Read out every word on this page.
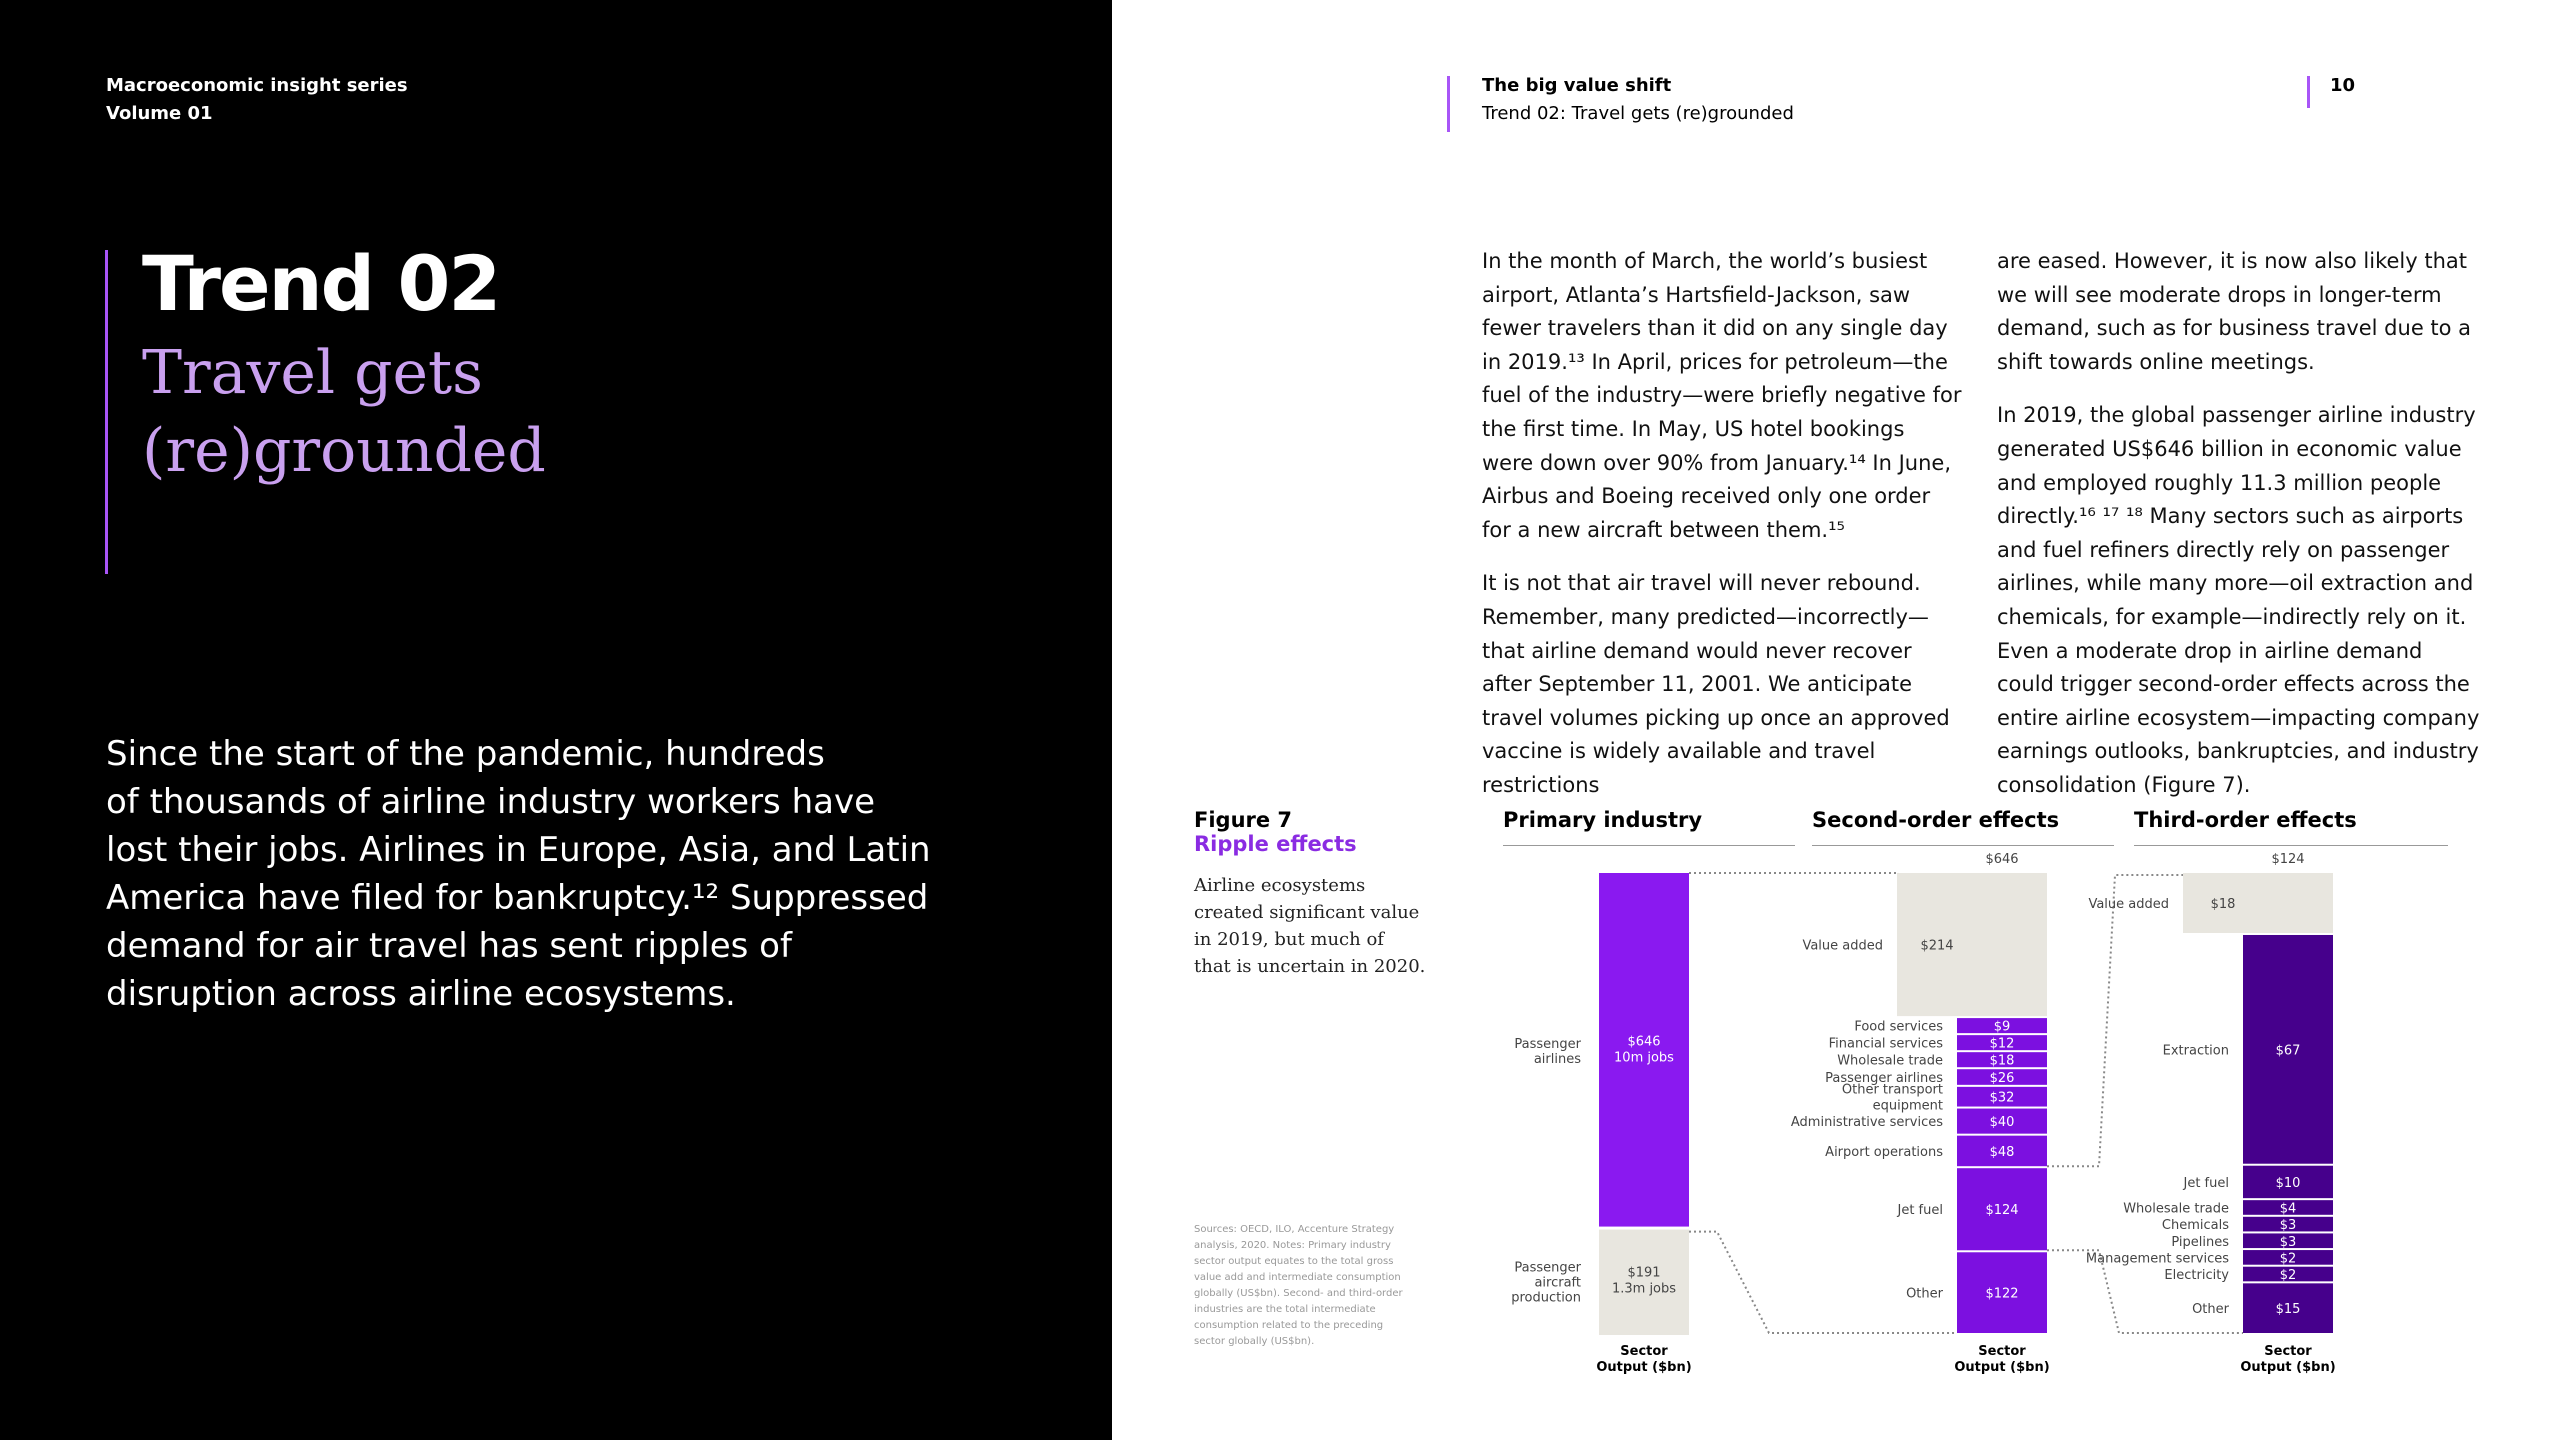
Macroeconomic insight series
Volume 01
Trend 02
Travel gets
(re)grounded
Since the start of the pandemic, hundreds
of thousands of airline industry workers have
lost their jobs. Airlines in Europe, Asia, and Latin
America have filed for bankruptcy.¹² Suppressed
demand for air travel has sent ripples of
disruption across airline ecosystems.
The big value shift
Trend 02: Travel gets (re)grounded
10

In the month of March, the world’s busiest airport, Atlanta’s Hartsfield-Jackson, saw fewer travelers than it did on any single day in 2019.¹³ In April, prices for petroleum—the fuel of the industry—were briefly negative for the first time. In May, US hotel bookings were down over 90% from January.¹⁴ In June, Airbus and Boeing received only one order for a new aircraft between them.¹⁵

It is not that air travel will never rebound. Remember, many predicted—incorrectly—that airline demand would never recover after September 11, 2001. We anticipate travel volumes picking up once an approved vaccine is widely available and travel restrictions

are eased. However, it is now also likely that we will see moderate drops in longer-term demand, such as for business travel due to a shift towards online meetings.

In 2019, the global passenger airline industry generated US$646 billion in economic value and employed roughly 11.3 million people directly.¹⁶ ¹⁷ ¹⁸ Many sectors such as airports and fuel refiners directly rely on passenger airlines, while many more—oil extraction and chemicals, for example—indirectly rely on it. Even a moderate drop in airline demand could trigger second-order effects across the entire airline ecosystem—impacting company earnings outlooks, bankruptcies, and industry consolidation (Figure 7).

Figure 7
Ripple effects
Airline ecosystems created significant value in 2019, but much of that is uncertain in 2020.
Sources: OECD, ILO, Accenture Strategy analysis, 2020. Notes: Primary industry sector output equates to the total gross value add and intermediate consumption globally (US$bn). Second- and third-order industries are the total intermediate consumption related to the preceding sector globally (US$bn).
Primary industry	Second-order effects	Third-order effects
$646
10m jobs
Passenger
airlines
$191
1.3m jobs
Passenger
aircraft
production
$646
$214
Value added
$9
Food services
$12
Financial services
$18
Wholesale trade
$26
Passenger airlines
$32
Other transport
equipment
$40
Administrative services
$48
Airport operations
$124
Jet fuel
$122
Other
$124
$18
Value added
$67
Extraction
$10
Jet fuel
$4
Wholesale trade
$3
Chemicals
$3
Pipelines
$2
Management services
$2
Electricity
$15
Other
Sector
Output ($bn)
Sector
Output ($bn)
Sector
Output ($bn)
